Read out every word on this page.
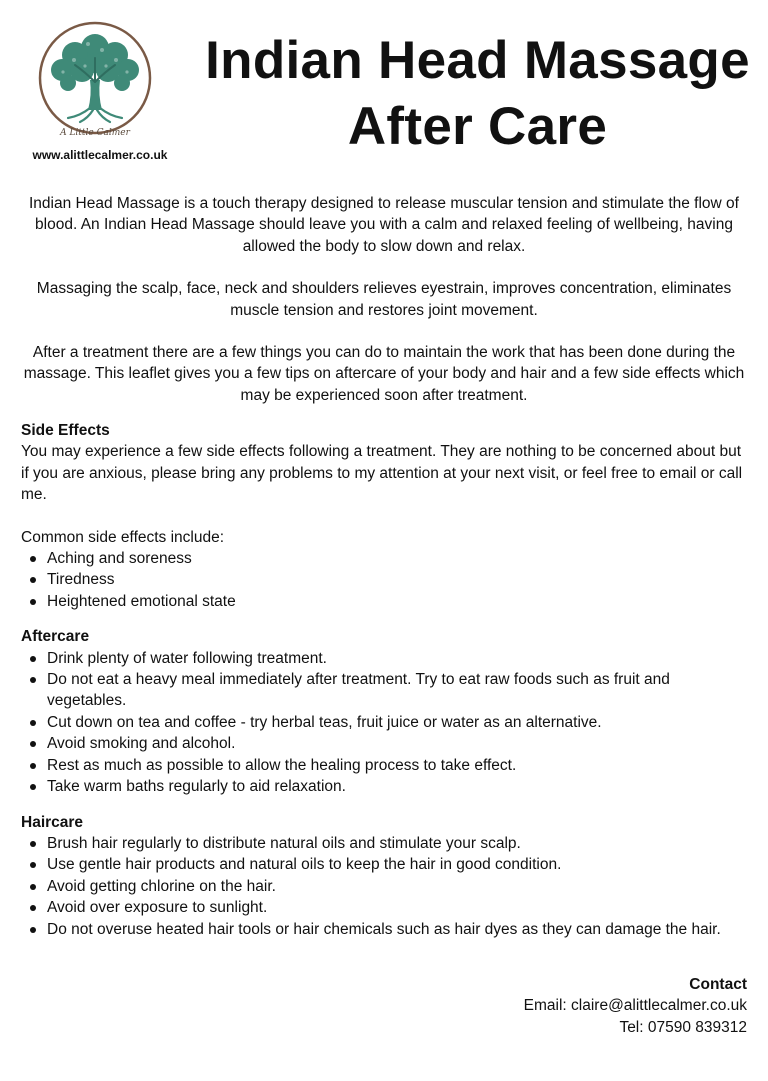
A Little Calmer
www.alittlecalmer.co.uk
Indian Head Massage
After Care

Indian Head Massage is a touch therapy designed to release muscular tension and stimulate the flow of blood. An Indian Head Massage should leave you with a calm and relaxed feeling of wellbeing, having allowed the body to slow down and relax.

Massaging the scalp, face, neck and shoulders relieves eyestrain, improves concentration, eliminates muscle tension and restores joint movement.

After a treatment there are a few things you can do to maintain the work that has been done during the massage. This leaflet gives you a few tips on aftercare of your body and hair and a few side effects which may be experienced soon after treatment.

Side Effects

You may experience a few side effects following a treatment. They are nothing to be concerned about but if you are anxious, please bring any problems to my attention at your next visit, or feel free to email or call me.

Common side effects include:

Aching and soreness
Tiredness
Heightened emotional state
Aftercare
Drink plenty of water following treatment.
Do not eat a heavy meal immediately after treatment. Try to eat raw foods such as fruit and vegetables.
Cut down on tea and coffee - try herbal teas, fruit juice or water as an alternative.
Avoid smoking and alcohol.
Rest as much as possible to allow the healing process to take effect.
Take warm baths regularly to aid relaxation.
Haircare
Brush hair regularly to distribute natural oils and stimulate your scalp.
Use gentle hair products and natural oils to keep the hair in good condition.
Avoid getting chlorine on the hair.
Avoid over exposure to sunlight.
Do not overuse heated hair tools or hair chemicals such as hair dyes as they can damage the hair.
Contact
Email: claire@alittlecalmer.co.uk
Tel: 07590 839312
